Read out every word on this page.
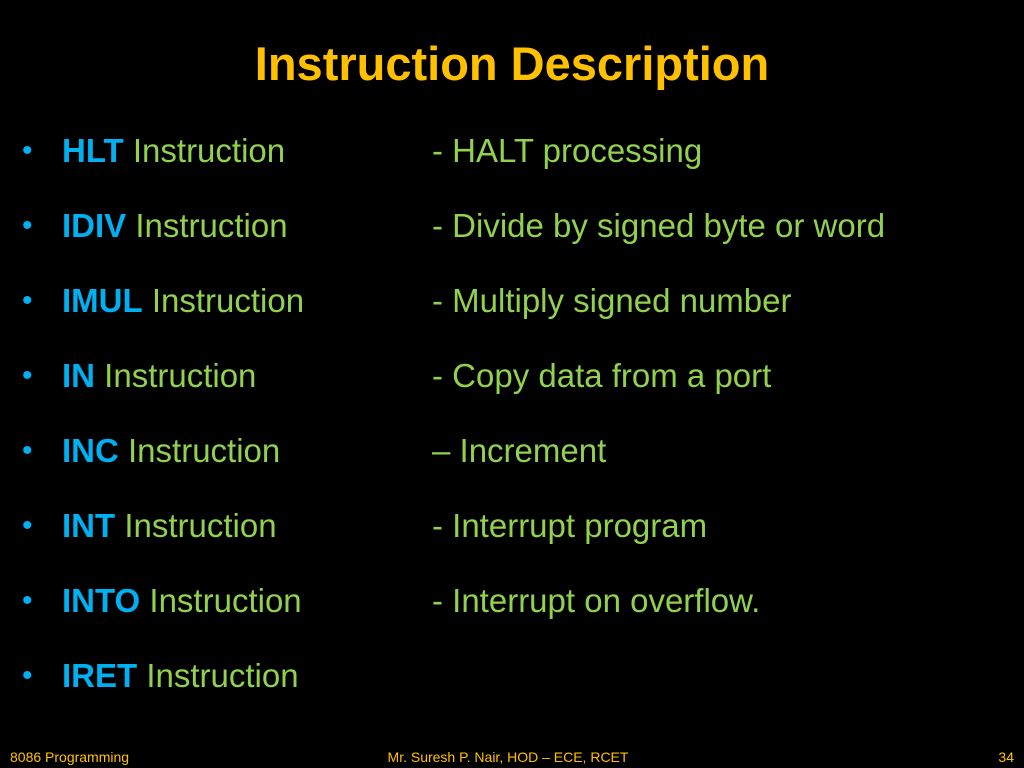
Instruction Description
• HLT Instruction	- HALT processing
• IDIV Instruction	- Divide by signed byte or word
• IMUL Instruction	- Multiply signed number
• IN Instruction	- Copy data from a port
• INC Instruction	– Increment
• INT Instruction	- Interrupt program
• INTO Instruction	- Interrupt on overflow.
• IRET Instruction
8086 Programming	Mr. Suresh P. Nair, HOD – ECE, RCET	34
